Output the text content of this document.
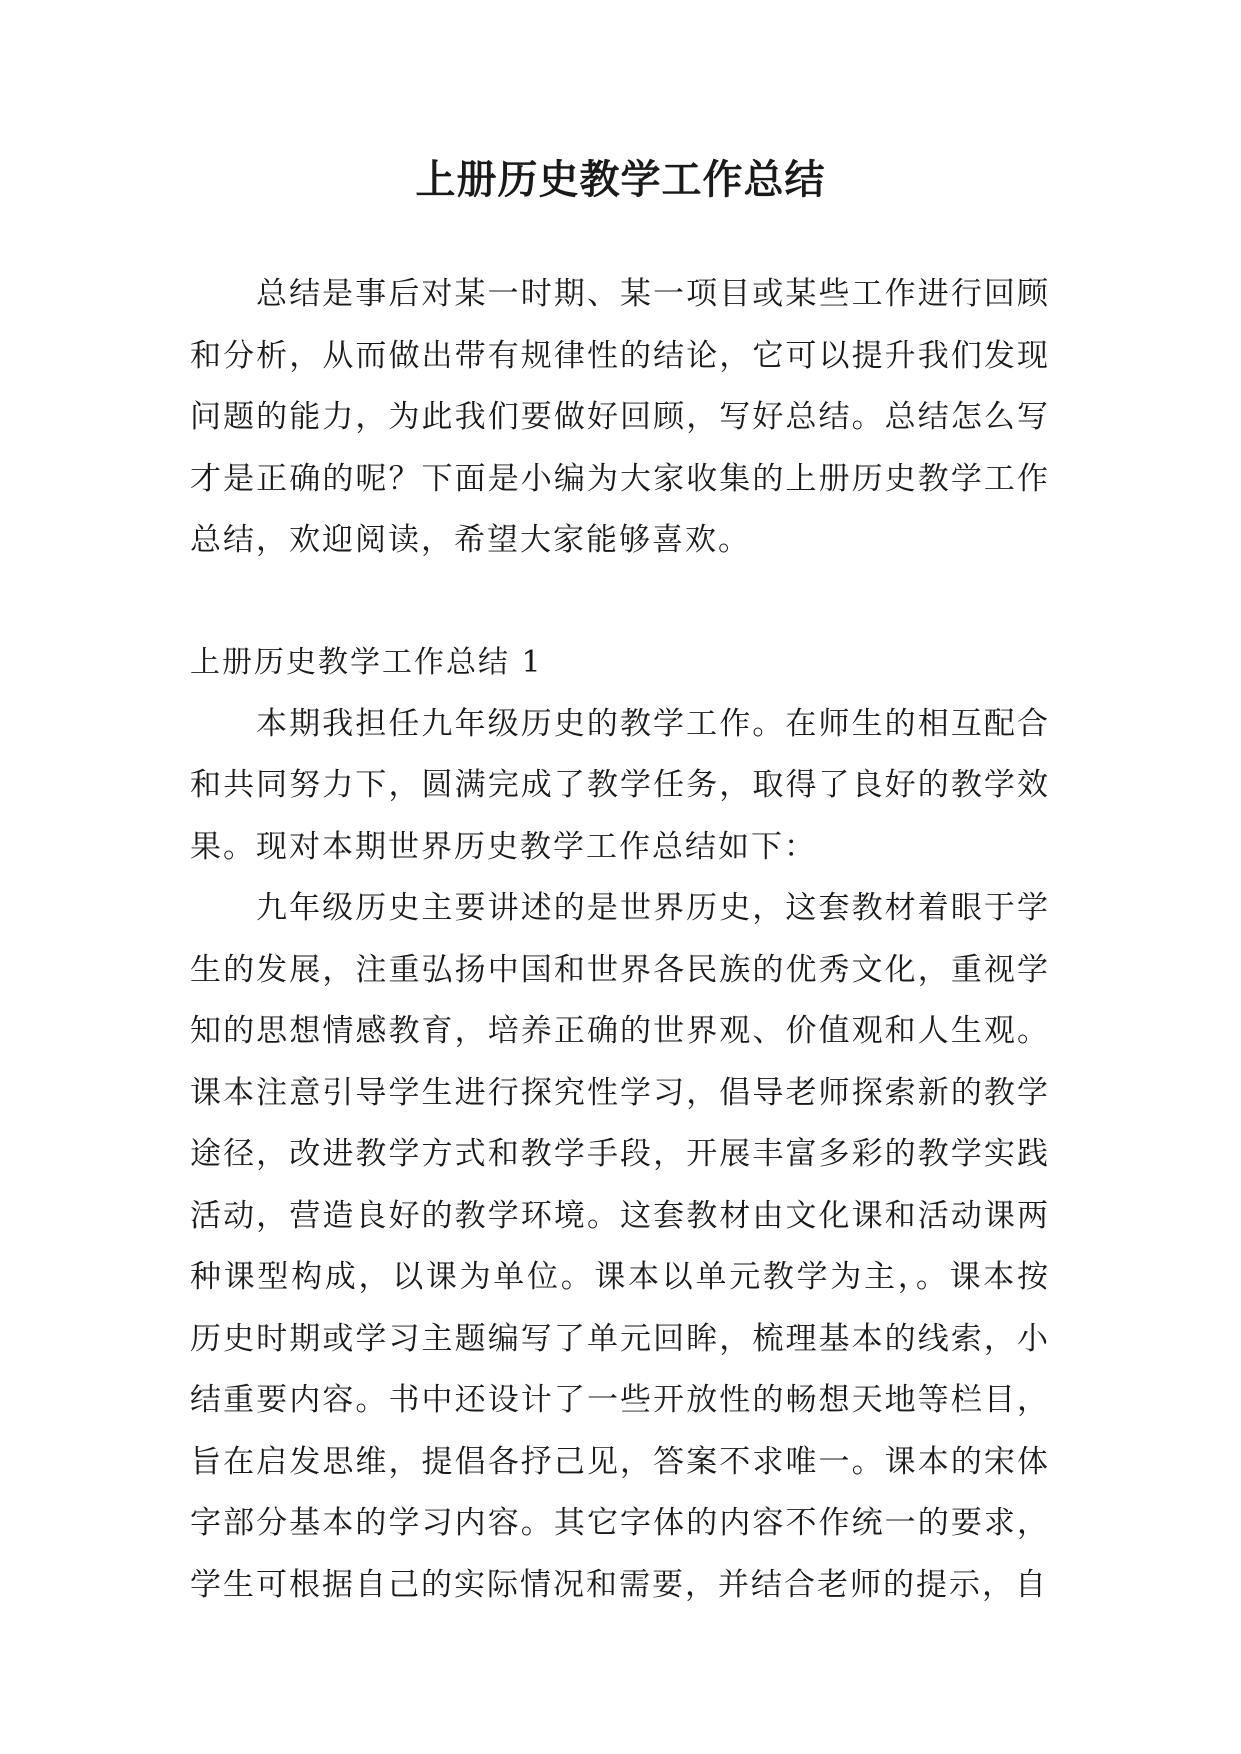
上册历史教学工作总结

总结是事后对某一时期、某一项目或某些工作进行回顾和分析，从而做出带有规律性的结论，它可以提升我们发现问题的能力，为此我们要做好回顾，写好总结。总结怎么写才是正确的呢？下面是小编为大家收集的上册历史教学工作总结，欢迎阅读，希望大家能够喜欢。

上册历史教学工作总结 1

本期我担任九年级历史的教学工作。在师生的相互配合和共同努力下，圆满完成了教学任务，取得了良好的教学效果。现对本期世界历史教学工作总结如下：

九年级历史主要讲述的是世界历史，这套教材着眼于学生的发展，注重弘扬中国和世界各民族的优秀文化，重视学知的思想情感教育，培养正确的世界观、价值观和人生观。课本注意引导学生进行探究性学习，倡导老师探索新的教学途径，改进教学方式和教学手段，开展丰富多彩的教学实践活动，营造良好的教学环境。这套教材由文化课和活动课两种课型构成，以课为单位。课本以单元教学为主，。课本按历史时期或学习主题编写了单元回眸，梳理基本的线索，小结重要内容。书中还设计了一些开放性的畅想天地等栏目，旨在启发思维，提倡各抒己见，答案不求唯一。课本的宋体字部分基本的学习内容。其它字体的内容不作统一的要求，学生可根据自己的实际情况和需要，并结合老师的提示，自
